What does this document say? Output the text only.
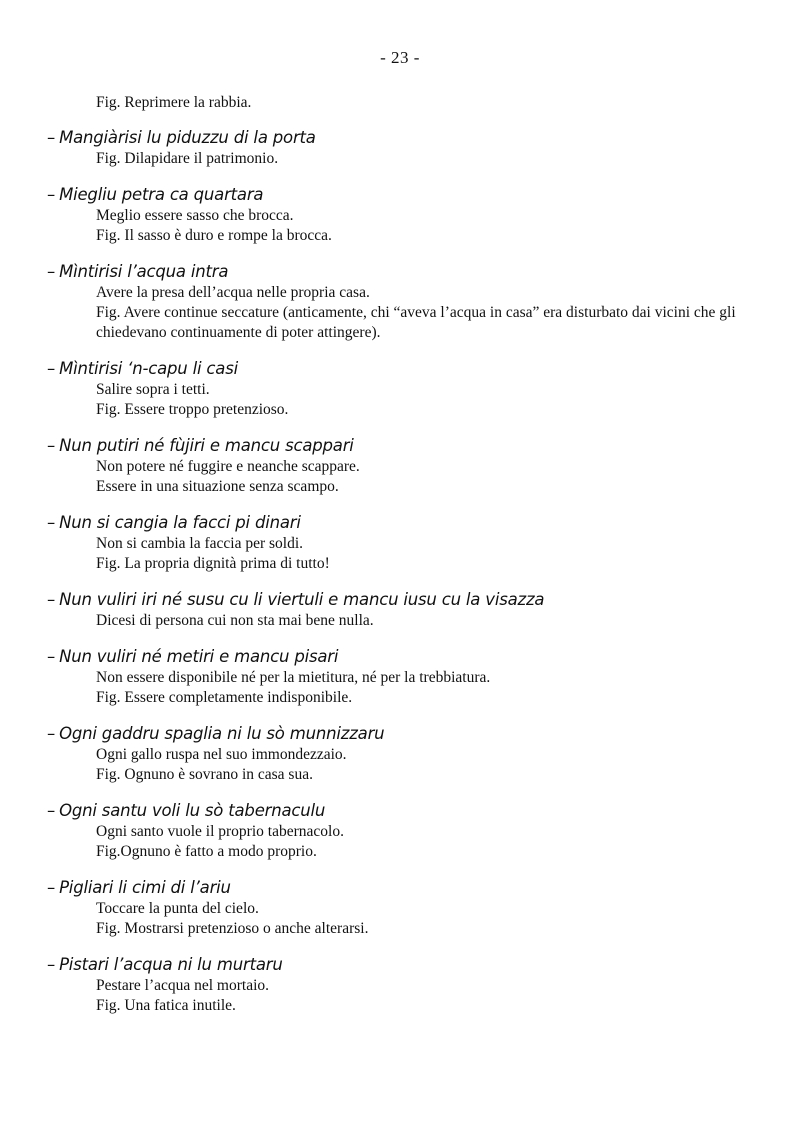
- 23 -
Fig. Reprimere la rabbia.
– Mangiàrisi lu piduzzu di la porta
Fig. Dilapidare il patrimonio.
– Miegliu petra ca quartara
Meglio essere sasso che brocca.
Fig. Il sasso è duro e rompe la brocca.
– Mìntirisi l’acqua intra
Avere la presa dell’acqua nelle propria casa.
Fig. Avere continue seccature (anticamente, chi “aveva l’acqua in casa” era disturbato dai vicini che gli chiedevano continuamente di poter attingere).
– Mìntirisi ‘n-capu li casi
Salire sopra i tetti.
Fig. Essere troppo pretenzioso.
– Nun putiri né fùjiri e mancu scappari
Non potere né fuggire e neanche scappare.
Essere in una situazione senza scampo.
– Nun si cangia la facci pi dinari
Non si cambia la faccia per soldi.
Fig. La propria dignità prima di tutto!
– Nun vuliri iri né susu cu li viertuli e mancu iusu cu la visazza
Dicesi di persona cui non sta mai bene nulla.
– Nun vuliri né metiri e mancu pisari
Non essere disponibile né per la mietitura, né per la trebbiatura.
Fig. Essere completamente indisponibile.
– Ogni gaddru spaglia ni lu sò munnizzaru
Ogni gallo ruspa nel suo immondezzaio.
Fig. Ognuno è sovrano in casa sua.
– Ogni santu voli lu sò tabernaculu
Ogni santo vuole il proprio tabernacolo.
Fig.Ognuno è fatto a modo proprio.
– Pigliari li cimi di l’ariu
Toccare la punta del cielo.
Fig. Mostrarsi pretenzioso o anche alterarsi.
– Pistari l’acqua ni lu murtaru
Pestare l’acqua nel mortaio.
Fig. Una fatica inutile.
